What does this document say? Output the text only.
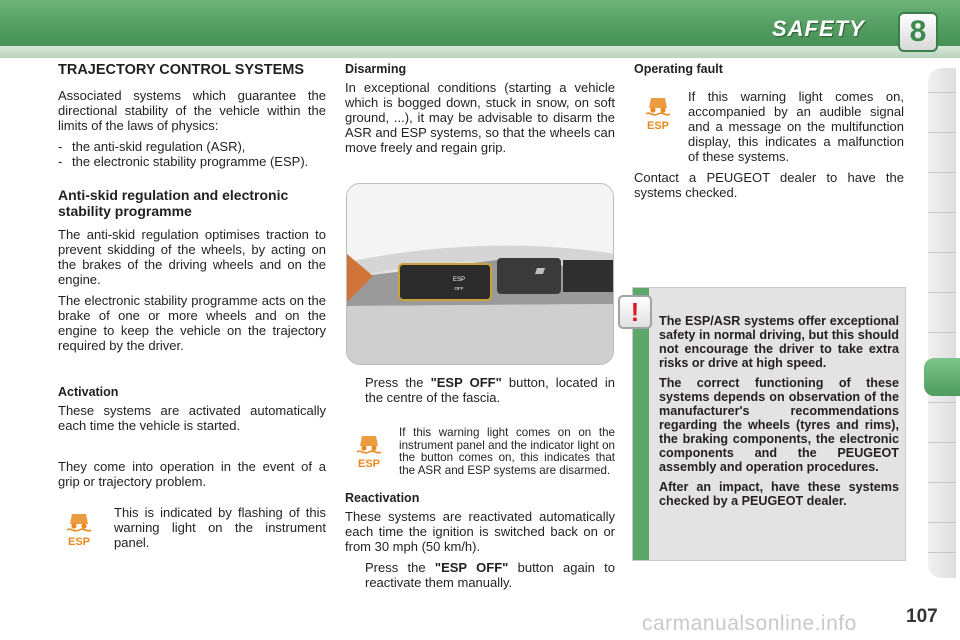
SAFETY	8
TRAJECTORY CONTROL SYSTEMS

Associated systems which guarantee the directional stability of the vehicle within the limits of the laws of physics:

- the anti-skid regulation (ASR),
- the electronic stability programme (ESP).
Anti-skid regulation and electronic stability programme

The anti-skid regulation optimises traction to prevent skidding of the wheels, by acting on the brakes of the driving wheels and on the engine.

The electronic stability programme acts on the brake of one or more wheels and on the engine to keep the vehicle on the trajectory required by the driver.

Activation

These systems are activated automatically each time the vehicle is started.

They come into operation in the event of a grip or trajectory problem.

This is indicated by flashing of this warning light on the instrument panel.

ESP
Disarming

In exceptional conditions (starting a vehicle which is bogged down, stuck in snow, on soft ground, ...), it may be advisable to disarm the ASR and ESP systems, so that the wheels can move freely and regain grip.

ESP
OFF
Press the "ESP OFF" button, located in the centre of the fascia.
ESP

If this warning light comes on on the instrument panel and the indicator light on the button comes on, this indicates that the ASR and ESP systems are disarmed.

Reactivation

These systems are reactivated automatically each time the ignition is switched back on or from 30 mph (50 km/h).

Press the "ESP OFF" button again to reactivate them manually.
Operating fault

If this warning light comes on, accompanied by an audible signal and a message on the multifunction display, this indicates a malfunction of these systems.

Contact a PEUGEOT dealer to have the systems checked.

ESP

The ESP/ASR systems offer exceptional safety in normal driving, but this should not encourage the driver to take extra risks or drive at high speed.

The correct functioning of these systems depends on observation of the manufacturer's recommendations regarding the wheels (tyres and rims), the braking components, the electronic components and the PEUGEOT assembly and operation procedures.

After an impact, have these systems checked by a PEUGEOT dealer.

!
carmanualsonline.info	107
